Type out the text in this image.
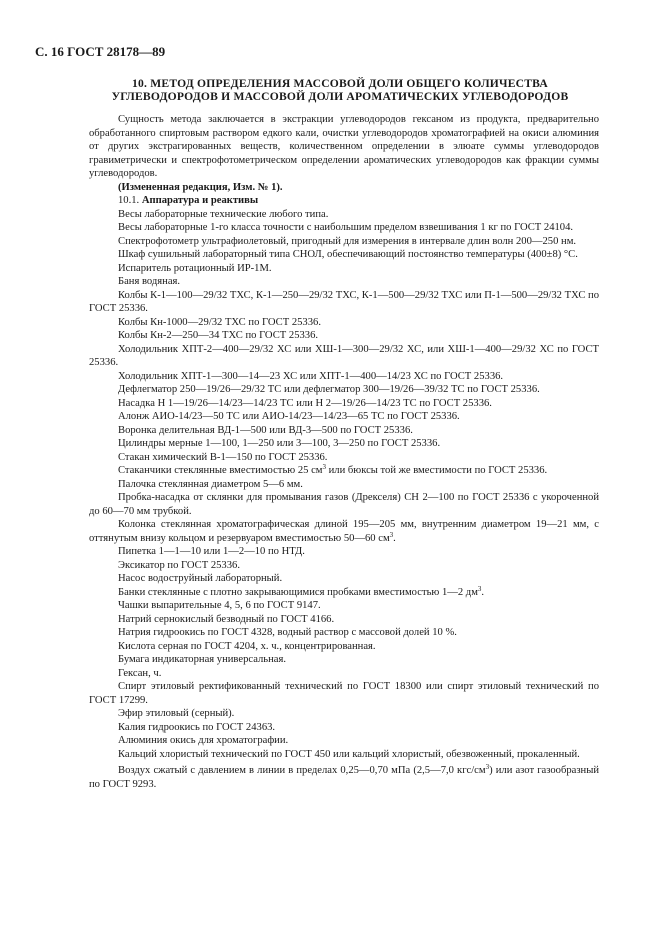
С. 16 ГОСТ 28178—89
10. МЕТОД ОПРЕДЕЛЕНИЯ МАССОВОЙ ДОЛИ ОБЩЕГО КОЛИЧЕСТВА
УГЛЕВОДОРОДОВ И МАССОВОЙ ДОЛИ АРОМАТИЧЕСКИХ УГЛЕВОДОРОДОВ

Сущность метода заключается в экстракции углеводородов гексаном из продукта, предварительно обработанного спиртовым раствором едкого кали, очистки углеводородов хроматографией на окиси алюминия от других экстрагированных веществ, количественном определении в элюате суммы углеводородов гравиметрически и спектрофотометрическом определении ароматических углеводородов как фракции суммы углеводородов.

(Измененная редакция, Изм. № 1).

10.1. Аппаратура и реактивы

Весы лабораторные технические любого типа.

Весы лабораторные 1-го класса точности с наибольшим пределом взвешивания 1 кг по ГОСТ 24104.

Спектрофотометр ультрафиолетовый, пригодный для измерения в интервале длин волн 200—250 нм.

Шкаф сушильный лабораторный типа СНОЛ, обеспечивающий постоянство температуры (400±8) °С.

Испаритель ротационный ИР-1М.

Баня водяная.

Колбы К-1—100—29/32 ТХС, К-1—250—29/32 ТХС, К-1—500—29/32 ТХС или П-1—500—29/32 ТХС по ГОСТ 25336.

Колбы Кн-1000—29/32 ТХС по ГОСТ 25336.

Колбы Кн-2—250—34 ТХС по ГОСТ 25336.

Холодильник ХПТ-2—400—29/32 ХС или ХШ-1—300—29/32 ХС, или ХШ-1—400—29/32 ХС по ГОСТ 25336.

Холодильник ХПТ-1—300—14—23 ХС или ХПТ-1—400—14/23 ХС по ГОСТ 25336.

Дефлегматор 250—19/26—29/32 ТС или дефлегматор 300—19/26—39/32 ТС по ГОСТ 25336.

Насадка Н 1—19/26—14/23—14/23 ТС или Н 2—19/26—14/23 ТС по ГОСТ 25336.

Алонж АИО-14/23—50 ТС или АИО-14/23—14/23—65 ТС по ГОСТ 25336.

Воронка делительная ВД-1—500 или ВД-3—500 по ГОСТ 25336.

Цилиндры мерные 1—100, 1—250 или 3—100, 3—250 по ГОСТ 25336.

Стакан химический В-1—150 по ГОСТ 25336.

Стаканчики стеклянные вместимостью 25 $см^3$ или бюксы той же вместимости по ГОСТ 25336.

Палочка стеклянная диаметром 5—6 мм.

Пробка-насадка от склянки для промывания газов (Дрекселя) СН 2—100 по ГОСТ 25336 с укороченной до 60—70 мм трубкой.

Колонка стеклянная хроматографическая длиной 195—205 мм, внутренним диаметром 19—21 мм, с оттянутым внизу кольцом и резервуаром вместимостью 50—60 $см^3$.

Пипетка 1—1—10 или 1—2—10 по НТД.

Эксикатор по ГОСТ 25336.

Насос водоструйный лабораторный.

Банки стеклянные с плотно закрывающимися пробками вместимостью 1—2 $дм^3$.

Чашки выпарительные 4, 5, 6 по ГОСТ 9147.

Натрий сернокислый безводный по ГОСТ 4166.

Натрия гидроокись по ГОСТ 4328, водный раствор с массовой долей 10 %.

Кислота серная по ГОСТ 4204, х. ч., концентрированная.

Бумага индикаторная универсальная.

Гексан, ч.

Спирт этиловый ректификованный технический по ГОСТ 18300 или спирт этиловый технический по ГОСТ 17299.

Эфир этиловый (серный).

Калия гидроокись по ГОСТ 24363.

Алюминия окись для хроматографии.

Кальций хлористый технический по ГОСТ 450 или кальций хлористый, обезвоженный, прокаленный.

Воздух сжатый с давлением в линии в пределах 0,25—0,70 мПа (2,5—7,0 кгс/$см^3$) или азот газообразный по ГОСТ 9293.
